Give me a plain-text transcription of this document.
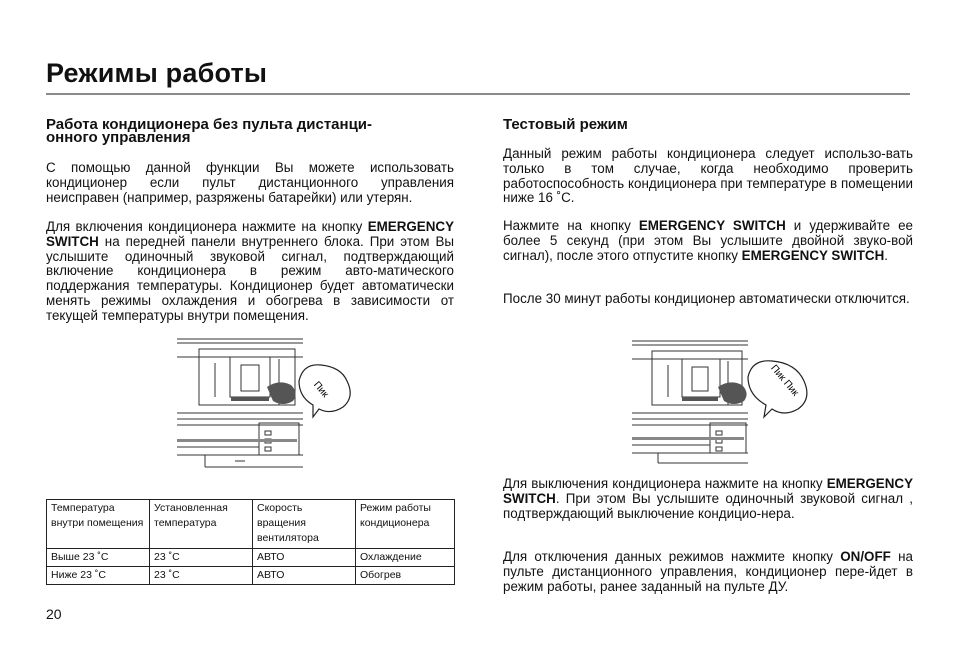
Режимы работы
Работа кондиционера без пульта дистанци-
онного управления

С помощью данной функции Вы можете использовать кондиционер если пульт дистанционного управления неисправен (например, разряжены батарейки) или утерян.

Для включения кондиционера нажмите на кнопку EMERGENCY SWITCH на передней панели внутреннего блока. При этом Вы услышите одиночный звуковой сигнал, подтверждающий включение кондиционера в режим авто-матического поддержания температуры. Кондиционер будет автоматически менять режимы охлаждения и обогрева в зависимости от текущей температуры внутри помещения.

Пик
Температура внутри помещения	Установленная температура	Скорость вращения вентилятора	Режим работы кондиционера
Выше 23 ˚С	23 ˚С	АВТО	Охлаждение
Ниже 23 ˚С	23 ˚С	АВТО	Обогрев
20
Тестовый режим

Данный режим работы кондиционера следует использо-вать только в том случае, когда необходимо проверить работоспособность кондиционера при температуре в помещении ниже 16 ˚С.

Нажмите на кнопку EMERGENCY SWITCH и удерживайте ее более 5 секунд (при этом Вы услышите двойной звуко-вой сигнал), после этого отпустите кнопку EMERGENCY SWITCH.

После 30 минут работы кондиционер автоматически отключится.

Пик Пик

Для выключения кондиционера нажмите на кнопку EMERGENCY SWITCH. При этом Вы услышите одиночный звуковой сигнал , подтверждающий выключение кондицио-нера.

Для отключения данных режимов нажмите кнопку ON/OFF на пульте дистанционного управления, кондиционер пере-йдет в режим работы, ранее заданный на пульте ДУ.
